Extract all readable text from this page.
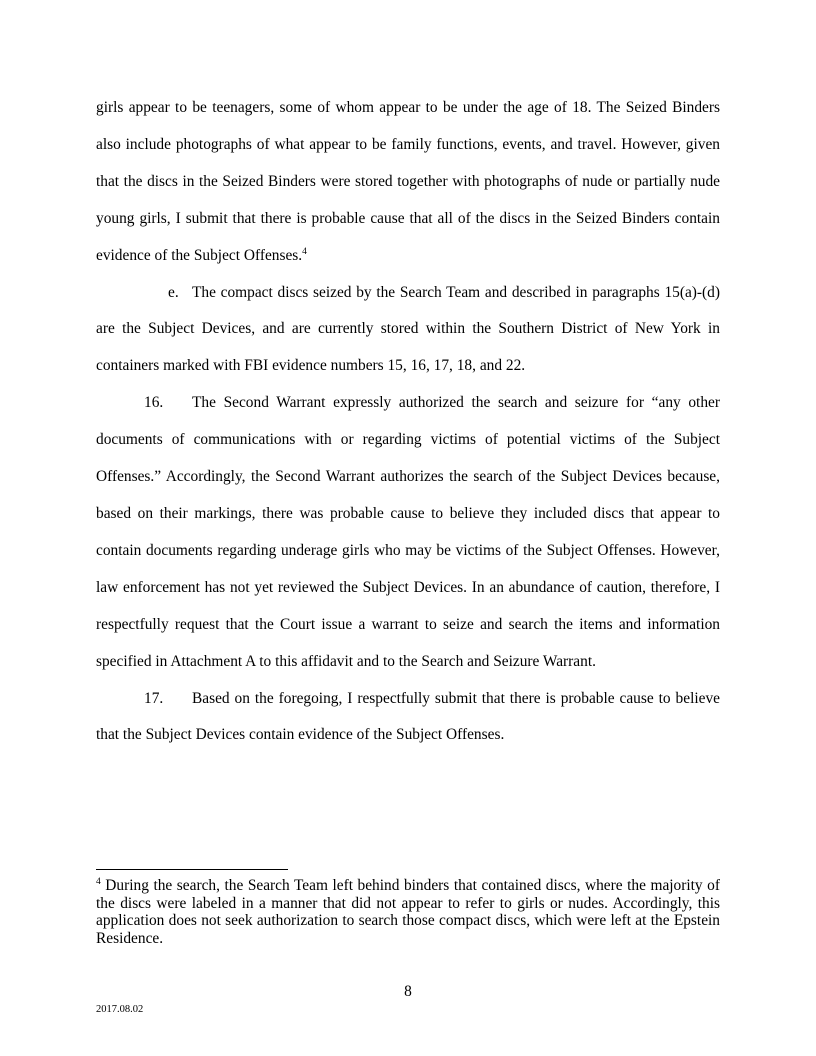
girls appear to be teenagers, some of whom appear to be under the age of 18. The Seized Binders also include photographs of what appear to be family functions, events, and travel. However, given that the discs in the Seized Binders were stored together with photographs of nude or partially nude young girls, I submit that there is probable cause that all of the discs in the Seized Binders contain evidence of the Subject Offenses.$^4$

e. The compact discs seized by the Search Team and described in paragraphs 15(a)-(d) are the Subject Devices, and are currently stored within the Southern District of New York in containers marked with FBI evidence numbers 15, 16, 17, 18, and 22.

16. The Second Warrant expressly authorized the search and seizure for “any other documents of communications with or regarding victims of potential victims of the Subject Offenses.” Accordingly, the Second Warrant authorizes the search of the Subject Devices because, based on their markings, there was probable cause to believe they included discs that appear to contain documents regarding underage girls who may be victims of the Subject Offenses. However, law enforcement has not yet reviewed the Subject Devices. In an abundance of caution, therefore, I respectfully request that the Court issue a warrant to seize and search the items and information specified in Attachment A to this affidavit and to the Search and Seizure Warrant.

17. Based on the foregoing, I respectfully submit that there is probable cause to believe that the Subject Devices contain evidence of the Subject Offenses.

$^4$ During the search, the Search Team left behind binders that contained discs, where the majority of the discs were labeled in a manner that did not appear to refer to girls or nudes. Accordingly, this application does not seek authorization to search those compact discs, which were left at the Epstein Residence.

8
2017.08.02
